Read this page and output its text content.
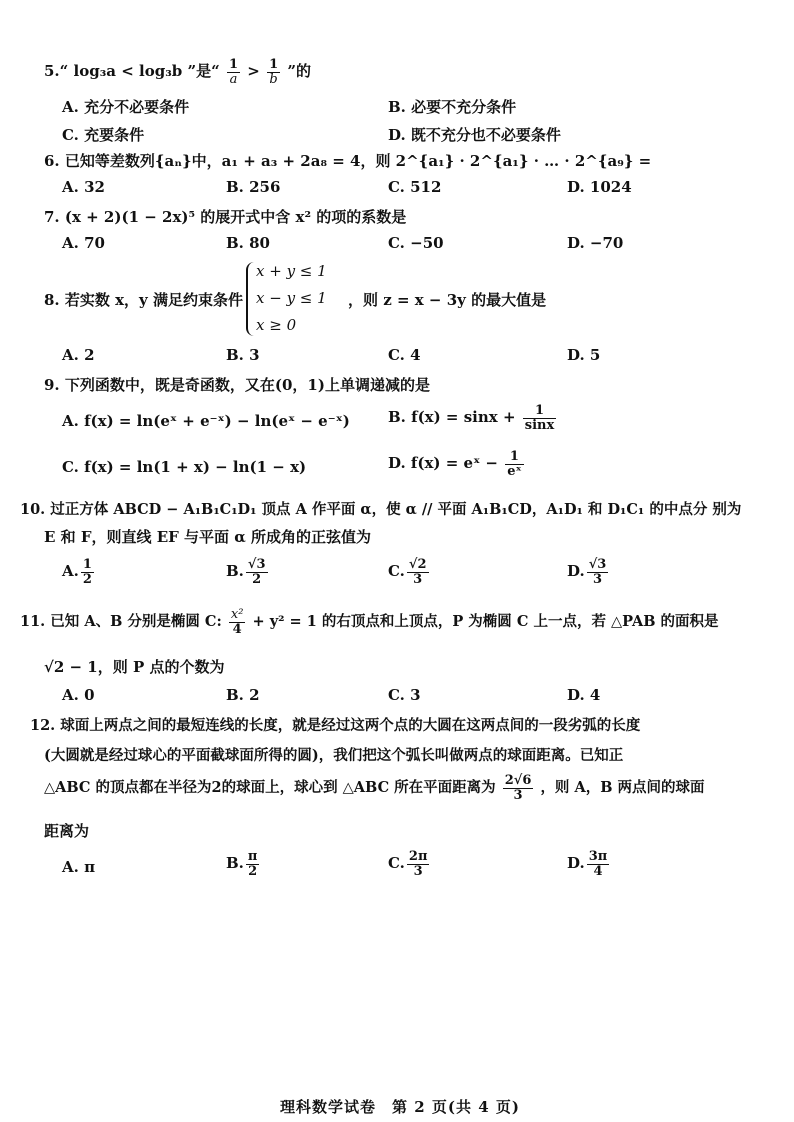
5.“ log₃a < log₃b ”是“ $\frac{1}{a} > \frac{1}{b}$ ”的
A. 充分不必要条件	B. 必要不充分条件
C. 充要条件	D. 既不充分也不必要条件
6. 已知等差数列{aₙ}中，a₁ + a₃ + 2a₈ = 4，则 2^{a₁} · 2^{a₁} · … · 2^{a₉} =
A. 32	B. 256	C. 512	D. 1024
7. (x + 2)(1 − 2x)⁵ 的展开式中含 x² 的项的系数是
A. 70	B. 80	C. −50	D. −70
8. 若实数 x，y 满足约束条件
x + y ≤ 1
x − y ≤ 1
x ≥ 0
，则 z = x − 3y 的最大值是
A. 2	B. 3	C. 4	D. 5
9. 下列函数中，既是奇函数，又在(0，1)上单调递减的是
A. f(x) = ln(eˣ + e⁻ˣ) − ln(eˣ − e⁻ˣ)	B. $f(x) = \sin x + \frac{1}{\sin x}$
C. f(x) = ln(1 + x) − ln(1 − x)	D. f(x) = eˣ − $\frac{1}{\text{eˣ}}$
10. 过正方体 ABCD − A₁B₁C₁D₁ 顶点 A 作平面 α，使 α // 平面 A₁B₁CD，A₁D₁ 和 D₁C₁ 的中点分 别为
E 和 F，则直线 EF 与平面 α 所成角的正弦值为
A. $\frac{1}{2}$	B. $\frac{√3}{2}$	C. $\frac{√2}{3}$	D. $\frac{√3}{3}$
11. 已知 A、B 分别是椭圆 C: $\frac{\text{x²}}{4} + y^2 = 1$ 的右顶点和上顶点，P 为椭圆 C 上一点，若 △PAB 的面积是
√2 − 1，则 P 点的个数为
A. 0	B. 2	C. 3	D. 4
12. 球面上两点之间的最短连线的长度，就是经过这两个点的大圆在这两点间的一段劣弧的长度
(大圆就是经过球心的平面截球面所得的圆)，我们把这个弧长叫做两点的球面距离。已知正
△ABC 的顶点都在半径为2的球面上，球心到 △ABC 所在平面距离为 $\frac{2√6}{3}$ ，则 A，B 两点间的球面
距离为
A. π	B. $\frac{\pi}{2}$	C. $\frac{2\pi}{3}$	D. $\frac{3\pi}{4}$
理科数学试卷　第 2 页(共 4 页)
